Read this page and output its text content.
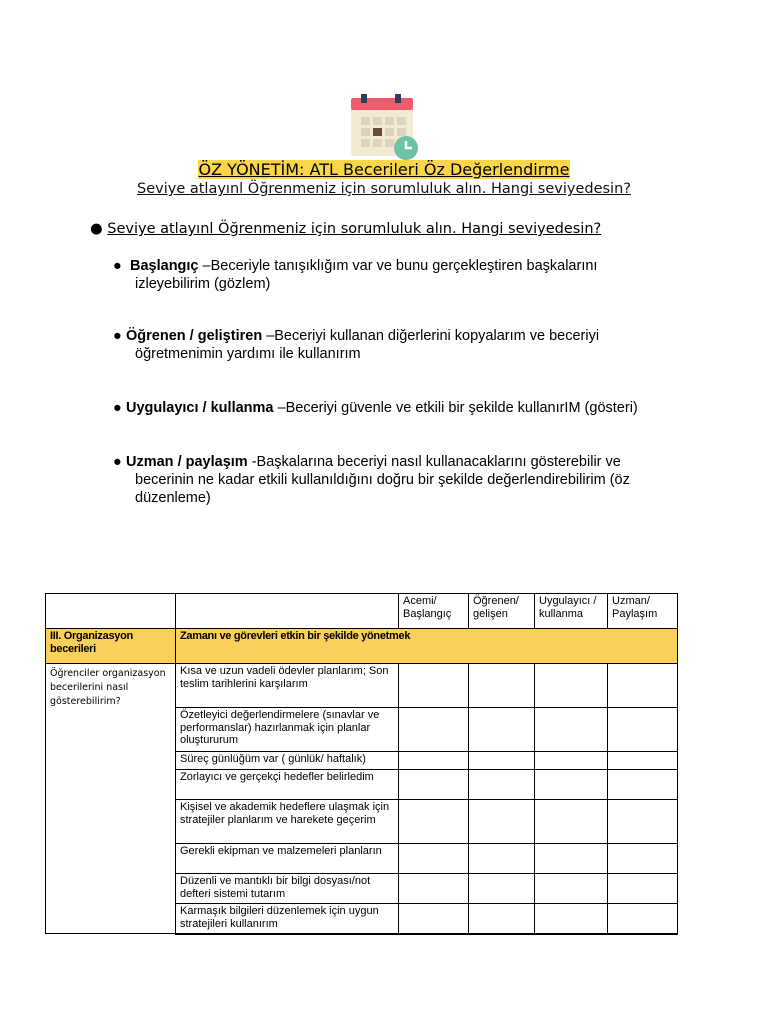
ÖZ YÖNETİM: ATL Becerileri Öz Değerlendirme
Seviye atlayınl Öğrenmeniz için sorumluluk alın. Hangi seviyedesin?
● Seviye atlayınl Öğrenmeniz için sorumluluk alın. Hangi seviyedesin?
● Başlangıç –Beceriyle tanışıklığım var ve bunu gerçekleştiren başkalarını
izleyebilirim (gözlem)
● Öğrenen / geliştiren –Beceriyi kullanan diğerlerini kopyalarım ve beceriyi
öğretmenimin yardımı ile kullanırım
● Uygulayıcı / kullanma –Beceriyi güvenle ve etkili bir şekilde kullanırIM (gösteri)
● Uzman / paylaşım -Başkalarına beceriyi nasıl kullanacaklarını gösterebilir ve
becerinin ne kadar etkili kullanıldığını doğru bir şekilde değerlendirebilirim (öz
düzenleme)
		Acemi/ Başlangıç	Öğrenen/ gelişen	Uygulayıcı / kullanma	Uzman/ Paylaşım
III. Organizasyon becerileri	Zamanı ve görevleri etkin bir şekilde yönetmek				
Öğrenciler organizasyon becerilerini nasıl gösterebilirim?	Kısa ve uzun vadeli ödevler planlarım; Son teslim tarihlerini karşılarım				
	Özetleyici değerlendirmelere (sınavlar ve performanslar) hazırlanmak için planlar oluştururum				
	Süreç günlüğüm var ( günlük/ haftalık)				
	Zorlayıcı ve gerçekçi hedefler belirledim				
	Kişisel ve akademik hedeflere ulaşmak için stratejiler planlarım ve harekete geçerim				
	Gerekli ekipman ve malzemeleri planların				
	Düzenli ve mantıklı bir bilgi dosyası/not defteri sistemi tutarım				
	Karmaşık bilgileri düzenlemek için uygun stratejileri kullanırım				
